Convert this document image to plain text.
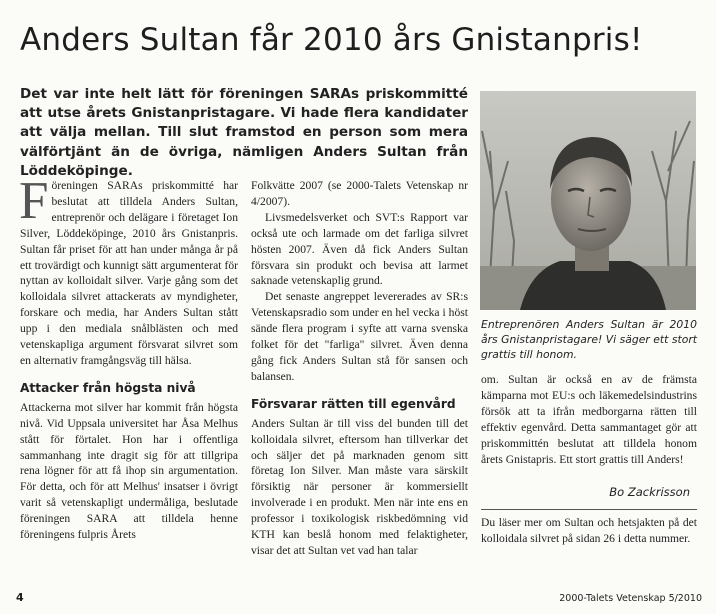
Anders Sultan får 2010 års Gnistanpris!

Det var inte helt lätt för föreningen SARAs priskommitté att utse årets Gnistanpristagare. Vi hade flera kandidater att välja mellan. Till slut framstod en person som mera välförtjänt än de övriga, nämligen Anders Sultan från Löddeköpinge.

Föreningen SARAs priskommitté har beslutat att tilldela Anders Sultan, entreprenör och delägare i företaget Ion Silver, Löddeköpinge, 2010 års Gnistanpris. Sultan får priset för att han under många år på ett trovärdigt och kunnigt sätt argumenterat för nyttan av kolloidalt silver. Varje gång som det kolloidala silvret attackerats av myndigheter, forskare och media, har Anders Sultan stått upp i den mediala snålblästen och med vetenskapliga argument försvarat silvret som en alternativ framgångsväg till hälsa.

Attacker från högsta nivå

Attackerna mot silver har kommit från högsta nivå. Vid Uppsala universitet har Åsa Melhus stått för förtalet. Hon har i offentliga sammanhang inte dragit sig för att tillgripa rena lögner för att få ihop sin argumentation. För detta, och för att Melhus' insatser i övrigt varit så vetenskapligt undermåliga, beslutade föreningen SARA att tilldela henne föreningens fulpris Årets

Folkvätte 2007 (se 2000-Talets Vetenskap nr 4/2007).

Livsmedelsverket och SVT:s Rapport var också ute och larmade om det farliga silvret hösten 2007. Även då fick Anders Sultan försvara sin produkt och bevisa att larmet saknade vetenskaplig grund.

Det senaste angreppet levererades av SR:s Vetenskapsradio som under en hel vecka i höst sände flera program i syfte att varna svenska folket för det "farliga" silvret. Även denna gång fick Anders Sultan stå för sansen och balansen.

Försvarar rätten till egenvård

Anders Sultan är till viss del bunden till det kolloidala silvret, eftersom han tillverkar det och säljer det på marknaden genom sitt företag Ion Silver. Man måste vara särskilt försiktig när personer är kommersiellt involverade i en produkt. Men när inte ens en professor i toxikologisk riskbedömning vid KTH kan beslå honom med felaktigheter, visar det att Sultan vet vad han talar

Entreprenören Anders Sultan är 2010 års Gnistanpristagare! Vi säger ett stort grattis till honom.

om. Sultan är också en av de främsta kämparna mot EU:s och läkemedelsindustrins försök att ta ifrån medborgarna rätten till effektiv egenvård. Detta sammantaget gör att priskommittén beslutat att tilldela honom årets Gnistapris. Ett stort grattis till Anders!

Bo Zackrisson

Du läser mer om Sultan och hetsjakten på det kolloidala silvret på sidan 26 i detta nummer.

4	2000-Talets Vetenskap 5/2010
